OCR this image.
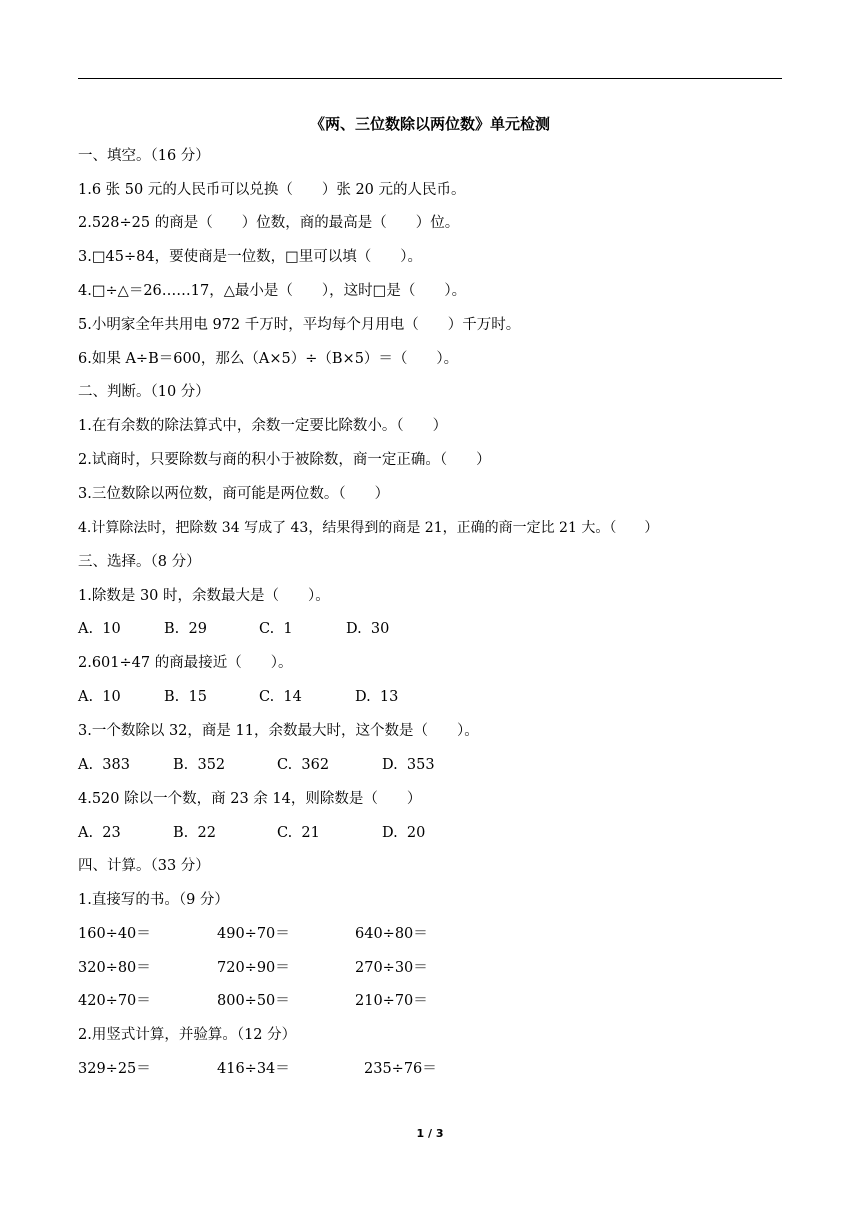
《两、三位数除以两位数》单元检测
一、填空。（16 分）
1.6 张 50 元的人民币可以兑换（　　）张 20 元的人民币。
2.528÷25 的商是（　　）位数，商的最高是（　　）位。
3.□45÷84，要使商是一位数，□里可以填（　　）。
4.□÷△＝26……17，△最小是（　　），这时□是（　　）。
5.小明家全年共用电 972 千万时，平均每个月用电（　　）千万时。
6.如果 A÷B＝600，那么（A×5）÷（B×5）＝（　　）。
二、判断。（10 分）
1.在有余数的除法算式中，余数一定要比除数小。（　　）
2.试商时，只要除数与商的积小于被除数，商一定正确。（　　）
3.三位数除以两位数，商可能是两位数。（　　）
4.计算除法时，把除数 34 写成了 43，结果得到的商是 21，正确的商一定比 21 大。（　　）
三、选择。（8 分）
1.除数是 30 时，余数最大是（　　）。
A.  10	B.  29	C.  1	D.  30
2.601÷47 的商最接近（　　）。
A.  10	B.  15	C.  14	D.  13
3.一个数除以 32，商是 11，余数最大时，这个数是（　　）。
A.  383	B.  352	C.  362	D.  353
4.520 除以一个数，商 23 余 14，则除数是（　　）
A.  23	B.  22	C.  21	D.  20
四、计算。（33 分）
1.直接写的书。（9 分）
160÷40＝	490÷70＝	640÷80＝
320÷80＝	720÷90＝	270÷30＝
420÷70＝	800÷50＝	210÷70＝
2.用竖式计算，并验算。（12 分）
329÷25＝	416÷34＝	235÷76＝
1 / 3
